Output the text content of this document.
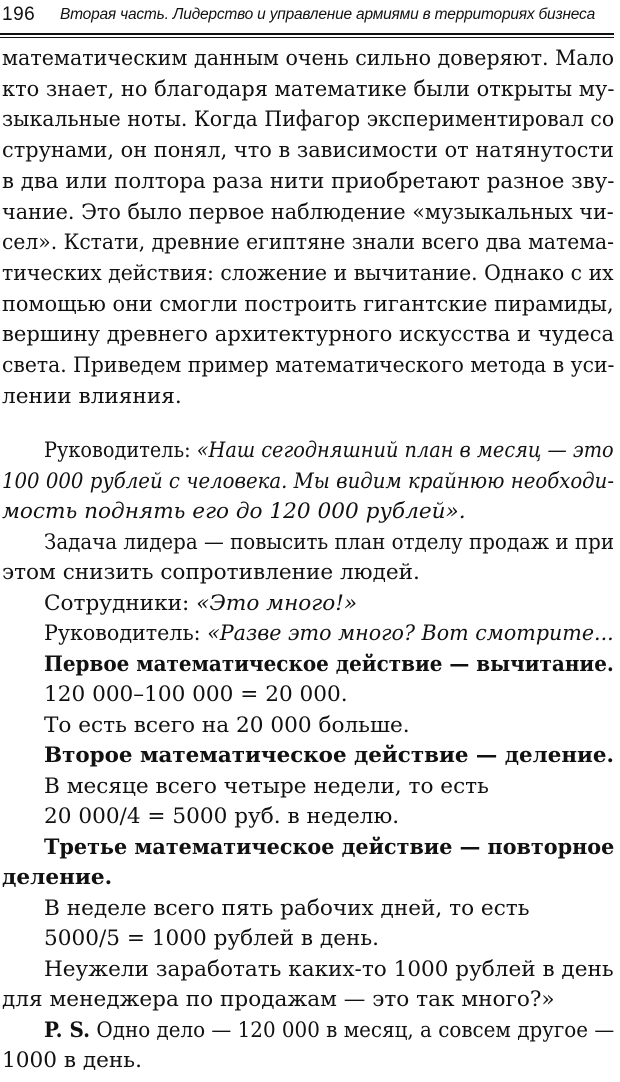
196 Вторая часть. Лидерство и управление армиями в территориях бизнеса
математическим данным очень сильно доверяют. Мало
кто знает, но благодаря математике были открыты му-
зыкальные ноты. Когда Пифагор экспериментировал со
струнами, он понял, что в зависимости от натянутости
в два или полтора раза нити приобретают разное зву-
чание. Это было первое наблюдение «музыкальных чи-
сел». Кстати, древние египтяне знали всего два матема-
тических действия: сложение и вычитание. Однако с их
помощью они смогли построить гигантские пирамиды,
вершину древнего архитектурного искусства и чудеса
света. Приведем пример математического метода в уси-
лении влияния.
Руководитель: «Наш сегодняшний план в месяц — это
100 000 рублей с человека. Мы видим крайнюю необходи-
мость поднять его до 120 000 рублей».
Задача лидера — повысить план отделу продаж и при
этом снизить сопротивление людей.
Сотрудники: «Это много!»
Руководитель: «Разве это много? Вот смотрите...
Первое математическое действие — вычитание.
120 000–100 000 = 20 000.
То есть всего на 20 000 больше.
Второе математическое действие — деление.
В месяце всего четыре недели, то есть
20 000/4 = 5000 руб. в неделю.
Третье математическое действие — повторное
деление.
В неделе всего пять рабочих дней, то есть
5000/5 = 1000 рублей в день.
Неужели заработать каких-то 1000 рублей в день
для менеджера по продажам — это так много?»
P. S. Одно дело — 120 000 в месяц, а совсем другое —
1000 в день.
